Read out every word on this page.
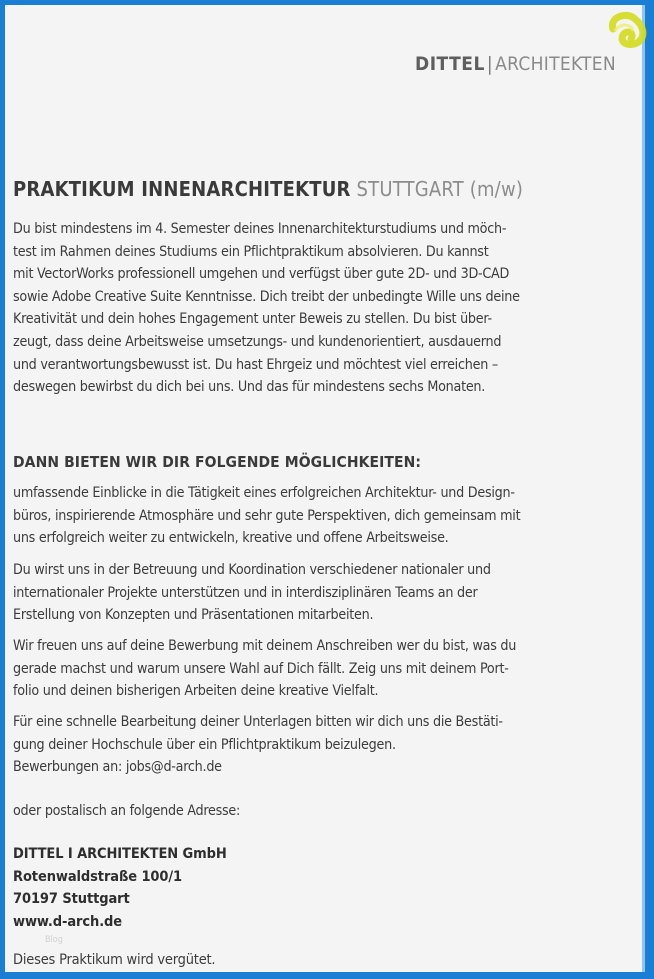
DITTEL | ARCHITEKTEN
PRAKTIKUM INNENARCHITEKTUR STUTTGART (m/w)
Du bist mindestens im 4. Semester deines Innenarchitekturstudiums und möch-
test im Rahmen deines Studiums ein Pflichtpraktikum absolvieren. Du kannst
mit VectorWorks professionell umgehen und verfügst über gute 2D- und 3D-CAD
sowie Adobe Creative Suite Kenntnisse. Dich treibt der unbedingte Wille uns deine
Kreativität und dein hohes Engagement unter Beweis zu stellen. Du bist über-
zeugt, dass deine Arbeitsweise umsetzungs- und kundenorientiert, ausdauernd
und verantwortungsbewusst ist. Du hast Ehrgeiz und möchtest viel erreichen –
deswegen bewirbst du dich bei uns. Und das für mindestens sechs Monaten.
DANN BIETEN WIR DIR FOLGENDE MÖGLICHKEITEN:
umfassende Einblicke in die Tätigkeit eines erfolgreichen Architektur- und Design-
büros, inspirierende Atmosphäre und sehr gute Perspektiven, dich gemeinsam mit
uns erfolgreich weiter zu entwickeln, kreative und offene Arbeitsweise.
Du wirst uns in der Betreuung und Koordination verschiedener nationaler und
internationaler Projekte unterstützen und in interdisziplinären Teams an der
Erstellung von Konzepten und Präsentationen mitarbeiten.
Wir freuen uns auf deine Bewerbung mit deinem Anschreiben wer du bist, was du
gerade machst und warum unsere Wahl auf Dich fällt. Zeig uns mit deinem Port-
folio und deinen bisherigen Arbeiten deine kreative Vielfalt.
Für eine schnelle Bearbeitung deiner Unterlagen bitten wir dich uns die Bestäti-
gung deiner Hochschule über ein Pflichtpraktikum beizulegen.
Bewerbungen an: jobs@d-arch.de
oder postalisch an folgende Adresse:
DITTEL I ARCHITEKTEN GmbH
Rotenwaldstraße 100/1
70197 Stuttgart
www.d-arch.de
Blog
Dieses Praktikum wird vergütet.
